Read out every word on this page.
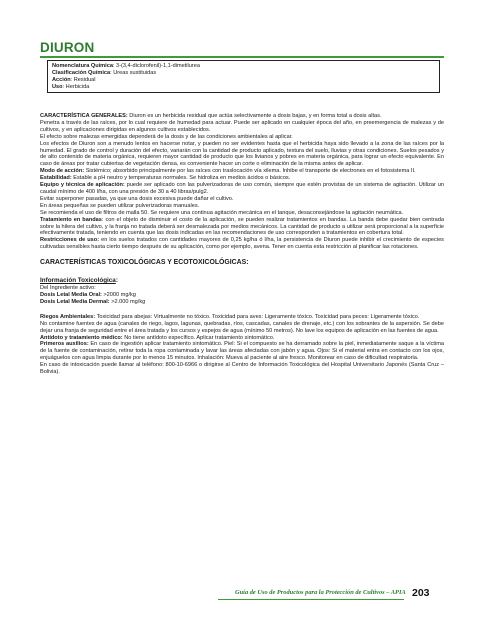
DIURON
Nomenclatura Química: 3-(3,4-diclorofenil)-1,1-dimetilurea
Clasificación Química: Ureas sustituidas
Acción: Residual
Uso: Herbicida

CARACTERÍSTICA GENERALES: Diuron es un herbicida residual que actúa selectivamente a dosis bajas, y en forma total a dosis altas.

Penetra a través de las raíces, por lo cual requiere de humedad para actuar. Puede ser aplicado en cualquier época del año, en preemergencia de malezas y de cultivos, y en aplicaciones dirigidas en algunos cultivos establecidos.

El efecto sobre malezas emergidas dependerá de la dosis y de las condiciones ambientales al aplicar.

Los efectos de Diuron son a menudo lentos en hacerse notar, y pueden no ser evidentes hasta que el herbicida haya sido llevado a la zona de las raíces por la humedad. El grado de control y duración del efecto, variarán con la cantidad de producto aplicado, textura del suelo, lluvias y otras condiciones. Suelos pesados y de alto contenido de materia orgánica, requieren mayor cantidad de producto que los livianos y pobres en materia orgánica, para lograr un efecto equivalente. En caso de áreas por tratar cubiertas de vegetación densa, es conveniente hacer un corte o eliminación de la misma antes de aplicar.

Modo de acción: Sistémico; absorbido principalmente por las raíces con traslocación vía xilema. Inhibe el transporte de electrones en el fotosistema II.

Estabilidad: Estable a pH neutro y temperaturas normales. Se hidroliza en medios ácidos o básicos.

Equipo y técnica de aplicación: puede ser aplicado con las pulverizadoras de uso común, siempre que estén provistas de un sistema de agitación. Utilizar un caudal mínimo de 400 l/ha, con una presión de 30 a 40 libras/pulg2.

Evitar superponer pasadas, ya que una dosis excesiva puede dañar el cultivo.

En áreas pequeñas se pueden utilizar pulverizadoras manuales.

Se recomienda el uso de filtros de malla 50. Se requiere una continua agitación mecánica en el tanque, desaconsejándose la agitación neumática.

Tratamiento en bandas: con el objeto de disminuir el costo de la aplicación, se pueden realizar tratamientos en bandas. La banda debe quedar bien centrada sobre la hilera del cultivo, y la franja no tratada deberá ser desmalezada por medios mecánicos. La cantidad de producto a utilizar será proporcional a la superficie efectivamente tratada, teniendo en cuenta que las dosis indicadas en las recomendaciones de uso corresponden a tratamientos en cobertura total.

Restricciones de uso: en los suelos tratados con cantidades mayores de 0,25 kg/ha ó l/ha, la persistencia de Diuron puede inhibir el crecimiento de especies cultivadas sensibles hasta cierto tiempo después de su aplicación, como por ejemplo, avena. Tener en cuenta esta restricción al planificar las rotaciones.

CARACTERÍSTICAS TOXICOLÓGICAS Y ECOTOXICOLÓGICAS:
Información Toxicológica:

Del Ingrediente activo:

Dosis Letal Media Oral: >2000 mg/kg

Dosis Letal Media Dermal: >2.000 mg/kg

Riegos Ambientales: Toxicidad para abejas: Virtualmente no tóxico. Toxicidad para aves: Ligeramente tóxico. Toxicidad para peces: Ligeramente tóxico.

No contamine fuentes de agua (canales de riego, lagos, lagunas, quebradas, ríos, cascadas, canales de drenaje, etc.) con los sobrantes de la aspersión. Se debe dejar una franja de seguridad entre el área tratada y los cursos y espejos de agua (mínimo 50 metros). No lave los equipos de aplicación en las fuentes de agua.

Antídoto y tratamiento médico: No tiene antídoto específico. Aplicar tratamiento sintomático.

Primeros auxilios: En caso de ingestión aplicar tratamiento sintomático. Piel: Si el compuesto se ha derramado sobre la piel, inmediatamente saque a la víctima de la fuente de contaminación, retirar toda la ropa contaminada y lavar las áreas afectadas con jabón y agua. Ojos: Si el material entra en contacto con los ojos, enjuáguelos con agua limpia durante por lo menos 15 minutos. Inhalación: Mueva al paciente al aire fresco. Monitorear en caso de dificultad respiratoria.

En caso de intoxicación puede llamar al teléfono: 800-10-6966 o dirigirse al Centro de Información Toxicológica del Hospital Universitario Japonés (Santa Cruz – Bolivia).

Guía de Uso de Productos para la Protección de Cultivos – APIA 203
